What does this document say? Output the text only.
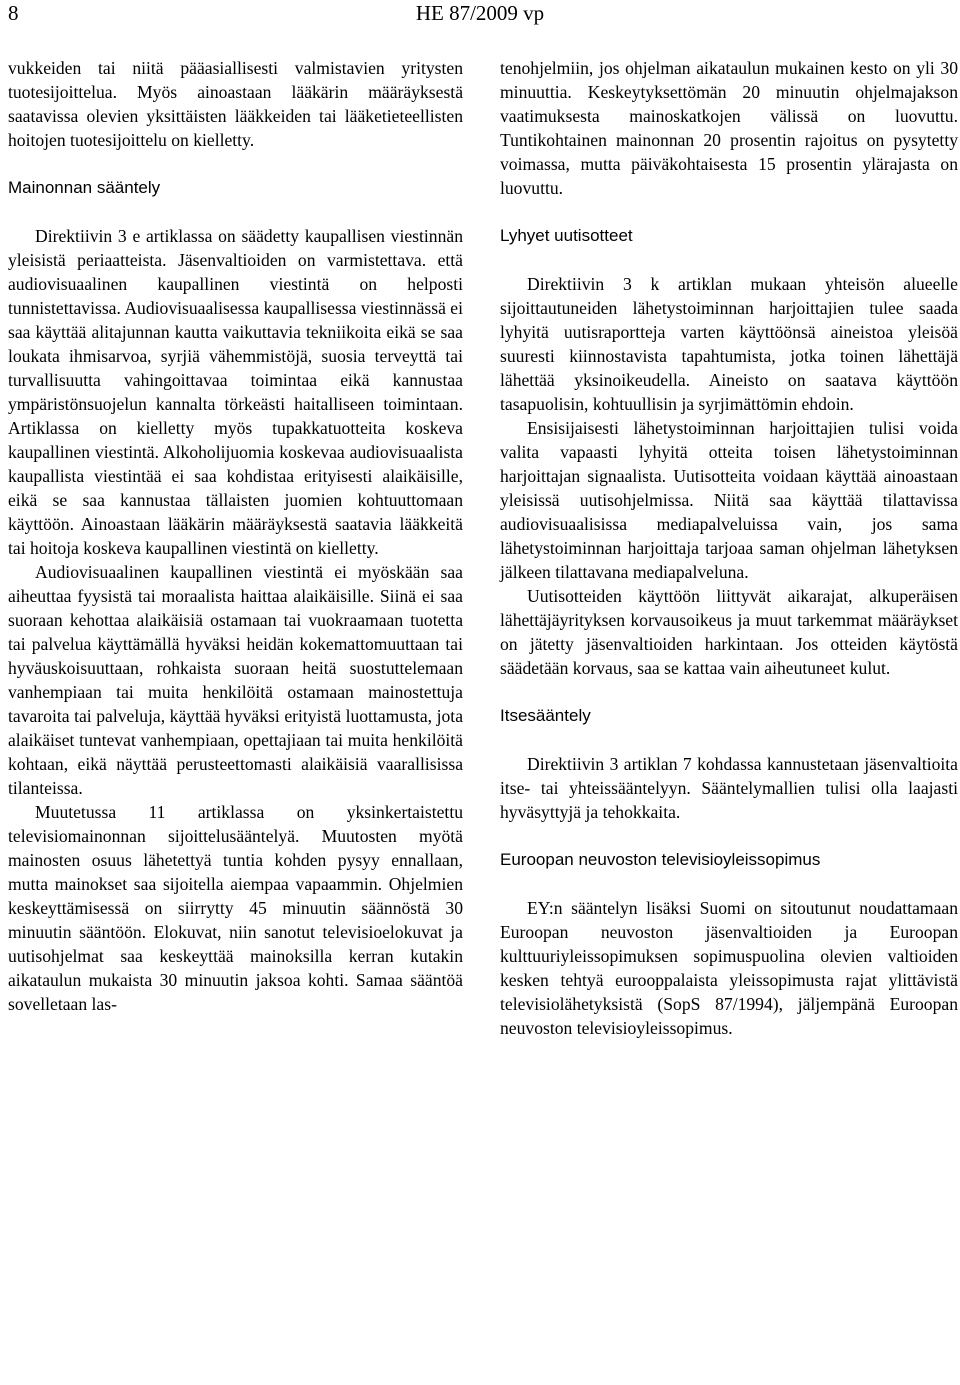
8	HE 87/2009 vp

vukkeiden tai niitä pääasiallisesti valmistavien yritysten tuotesijoittelua. Myös ainoastaan lääkärin määräyksestä saatavissa olevien yksittäisten lääkkeiden tai lääketieteellisten hoitojen tuotesijoittelu on kielletty.

Mainonnan sääntely

Direktiivin 3 e artiklassa on säädetty kaupallisen viestinnän yleisistä periaatteista. Jäsenvaltioiden on varmistettava. että audiovisuaalinen kaupallinen viestintä on helposti tunnistettavissa. Audiovisuaalisessa kaupallisessa viestinnässä ei saa käyttää alitajunnan kautta vaikuttavia tekniikoita eikä se saa loukata ihmisarvoa, syrjiä vähemmistöjä, suosia terveyttä tai turvallisuutta vahingoittavaa toimintaa eikä kannustaa ympäristönsuojelun kannalta törkeästi haitalliseen toimintaan. Artiklassa on kielletty myös tupakkatuotteita koskeva kaupallinen viestintä. Alkoholijuomia koskevaa audiovisuaalista kaupallista viestintää ei saa kohdistaa erityisesti alaikäisille, eikä se saa kannustaa tällaisten juomien kohtuuttomaan käyttöön. Ainoastaan lääkärin määräyksestä saatavia lääkkeitä tai hoitoja koskeva kaupallinen viestintä on kielletty.

Audiovisuaalinen kaupallinen viestintä ei myöskään saa aiheuttaa fyysistä tai moraalista haittaa alaikäisille. Siinä ei saa suoraan kehottaa alaikäisiä ostamaan tai vuokraamaan tuotetta tai palvelua käyttämällä hyväksi heidän kokemattomuuttaan tai hyväuskoisuuttaan, rohkaista suoraan heitä suostuttelemaan vanhempiaan tai muita henkilöitä ostamaan mainostettuja tavaroita tai palveluja, käyttää hyväksi erityistä luottamusta, jota alaikäiset tuntevat vanhempiaan, opettajiaan tai muita henkilöitä kohtaan, eikä näyttää perusteettomasti alaikäisiä vaarallisissa tilanteissa.

Muutetussa 11 artiklassa on yksinkertaistettu televisiomainonnan sijoittelusääntelyä. Muutosten myötä mainosten osuus lähetettyä tuntia kohden pysyy ennallaan, mutta mainokset saa sijoitella aiempaa vapaammin. Ohjelmien keskeyttämisessä on siirrytty 45 minuutin säännöstä 30 minuutin sääntöön. Elokuvat, niin sanotut televisioelokuvat ja uutisohjelmat saa keskeyttää mainoksilla kerran kutakin aikataulun mukaista 30 minuutin jaksoa kohti. Samaa sääntöä sovelletaan las-

tenohjelmiin, jos ohjelman aikataulun mukainen kesto on yli 30 minuuttia. Keskeytyksettömän 20 minuutin ohjelmajakson vaatimuksesta mainoskatkojen välissä on luovuttu. Tuntikohtainen mainonnan 20 prosentin rajoitus on pysytetty voimassa, mutta päiväkohtaisesta 15 prosentin ylärajasta on luovuttu.

Lyhyet uutisotteet

Direktiivin 3 k artiklan mukaan yhteisön alueelle sijoittautuneiden lähetystoiminnan harjoittajien tulee saada lyhyitä uutisraportteja varten käyttöönsä aineistoa yleisöä suuresti kiinnostavista tapahtumista, jotka toinen lähettäjä lähettää yksinoikeudella. Aineisto on saatava käyttöön tasapuolisin, kohtuullisin ja syrjimättömin ehdoin.

Ensisijaisesti lähetystoiminnan harjoittajien tulisi voida valita vapaasti lyhyitä otteita toisen lähetystoiminnan harjoittajan signaalista. Uutisotteita voidaan käyttää ainoastaan yleisissä uutisohjelmissa. Niitä saa käyttää tilattavissa audiovisuaalisissa mediapalveluissa vain, jos sama lähetystoiminnan harjoittaja tarjoaa saman ohjelman lähetyksen jälkeen tilattavana mediapalveluna.

Uutisotteiden käyttöön liittyvät aikarajat, alkuperäisen lähettäjäyrityksen korvausoikeus ja muut tarkemmat määräykset on jätetty jäsenvaltioiden harkintaan. Jos otteiden käytöstä säädetään korvaus, saa se kattaa vain aiheutuneet kulut.

Itsesääntely

Direktiivin 3 artiklan 7 kohdassa kannustetaan jäsenvaltioita itse- tai yhteissääntelyyn. Sääntelymallien tulisi olla laajasti hyväsyttyjä ja tehokkaita.

Euroopan neuvoston televisioyleissopimus

EY:n sääntelyn lisäksi Suomi on sitoutunut noudattamaan Euroopan neuvoston jäsenvaltioiden ja Euroopan kulttuuriyleissopimuksen sopimuspuolina olevien valtioiden kesken tehtyä eurooppalaista yleissopimusta rajat ylittävistä televisiolähetyksistä (SopS 87/1994), jäljempänä Euroopan neuvoston televisioyleissopimus.
